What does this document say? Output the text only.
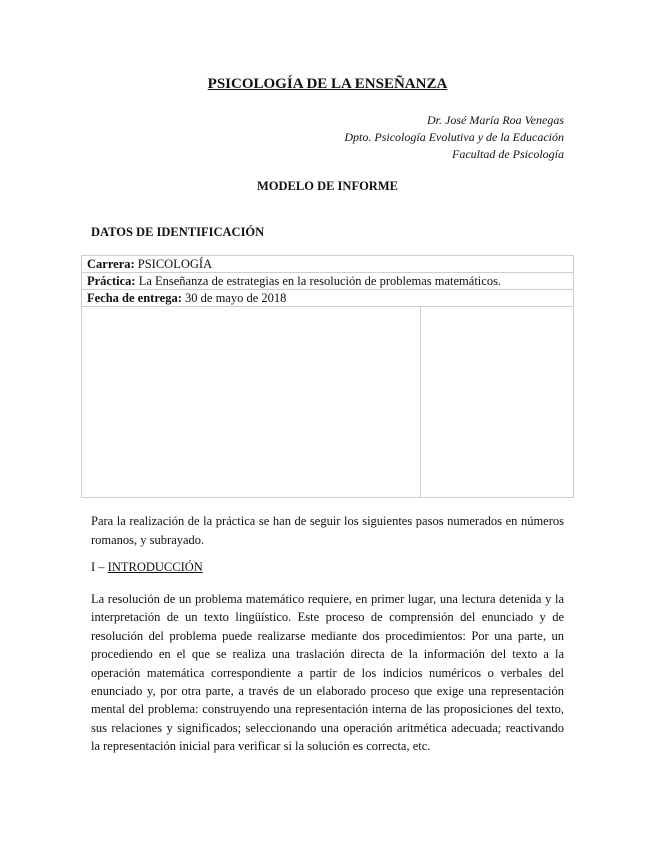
PSICOLOGÍA DE LA ENSEÑANZA
Dr. José María Roa Venegas
Dpto. Psicología Evolutiva y de la Educación
Facultad de Psicología
MODELO DE INFORME
DATOS DE IDENTIFICACIÓN
Carrera: PSICOLOGÍA
Práctica: La Enseñanza de estrategias en la resolución de problemas matemáticos.
Fecha de entrega: 30 de mayo de 2018
Para la realización de la práctica se han de seguir los siguientes pasos numerados en números romanos, y subrayado.
I – INTRODUCCIÓN
La resolución de un problema matemático requiere, en primer lugar, una lectura detenida y la interpretación de un texto lingüístico. Este proceso de comprensión del enunciado y de resolución del problema puede realizarse mediante dos procedimientos: Por una parte, un procediendo en el que se realiza una traslación directa de la información del texto a la operación matemática correspondiente a partir de los indicios numéricos o verbales del enunciado y, por otra parte, a través de un elaborado proceso que exige una representación mental del problema: construyendo una representación interna de las proposiciones del texto, sus relaciones y significados; seleccionando una operación aritmética adecuada; reactivando la representación inicial para verificar si la solución es correcta, etc.
